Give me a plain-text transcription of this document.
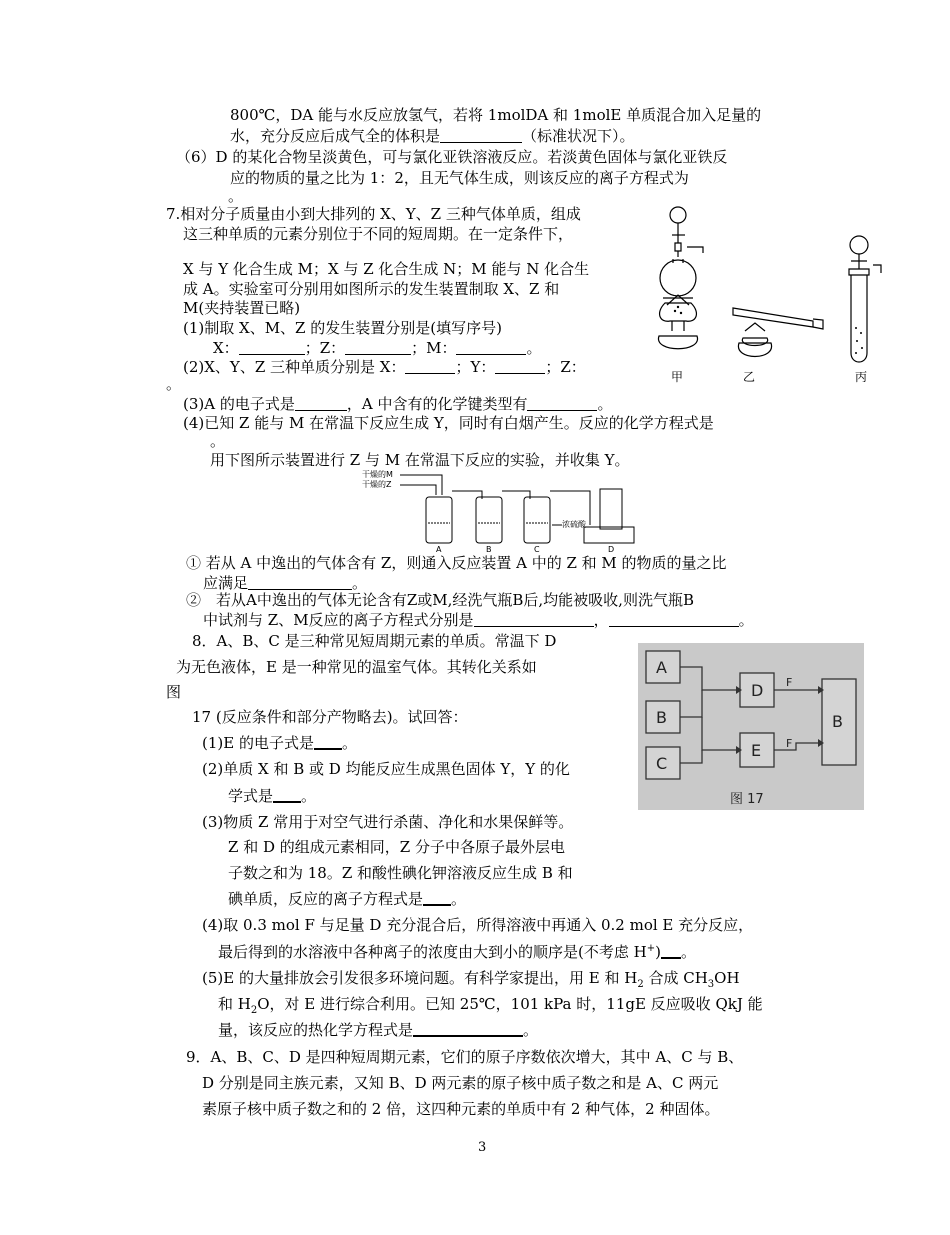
800℃，DA 能与水反应放氢气，若将 1molDA 和 1molE 单质混合加入足量的
水，充分反应后成气全的体积是	（标准状况下）。
（6）D 的某化合物呈淡黄色，可与氯化亚铁溶液反应。若淡黄色固体与氯化亚铁反
应的物质的量之比为 1：2，且无气体生成，则该反应的离子方程式为
。
7.相对分子质量由小到大排列的 X、Y、Z 三种气体单质，组成
这三种单质的元素分别位于不同的短周期。在一定条件下，
X 与 Y 化合生成 M；X 与 Z 化合生成 N；M 能与 N 化合生
成 A。实验室可分别用如图所示的发生装置制取 X、Z 和
M(夹持装置已略)
(1)制取 X、M、Z 的发生装置分别是(填写序号)
X：	；Z：	；M：	。
(2)X、Y、Z 三种单质分别是 X：	；Y：	；Z：
。
(3)A 的电子式是	，A 中含有的化学键类型有	。
(4)已知 Z 能与 M 在常温下反应生成 Y，同时有白烟产生。反应的化学方程式是
。
用下图所示装置进行 Z 与 M 在常温下反应的实验，并收集 Y。
甲	乙	丙
干燥的M
干燥的Z
浓硫酸
A	B	C	D
① 若从 A 中逸出的气体含有 Z，则通入反应装置 A 中的 Z 和 M 的物质的量之比
应满足	。
②　若从A中逸出的气体无论含有Z或M,经洗气瓶B后,均能被吸收,则洗气瓶B
中试剂与 Z、M反应的离子方程式分别是	，	。
8．A、B、C 是三种常见短周期元素的单质。常温下 D
为无色液体，E 是一种常见的温室气体。其转化关系如
图
17 (反应条件和部分产物略去)。试回答：
(1)E 的电子式是 。
(2)单质 X 和 B 或 D 均能反应生成黑色固体 Y，Y 的化
学式是 。
(3)物质 Z 常用于对空气进行杀菌、净化和水果保鲜等。
Z 和 D 的组成元素相同，Z 分子中各原子最外层电
子数之和为 18。Z 和酸性碘化钾溶液反应生成 B 和
碘单质，反应的离子方程式是 。
(4)取 0.3 mol F 与足量 D 充分混合后，所得溶液中再通入 0.2 mol E 充分反应，
最后得到的水溶液中各种离子的浓度由大到小的顺序是(不考虑 H+) 。
(5)E 的大量排放会引发很多环境问题。有科学家提出，用 E 和 $H_2$ 合成 $CH_3OH$
和 $H_2O$，对 E 进行综合利用。已知 25℃，101 kPa 时，11gE 反应吸收 QkJ 能
量，该反应的热化学方程式是	。
A
B
C
D
E
B
F
F
图 17
9．A、B、C、D 是四种短周期元素，它们的原子序数依次增大，其中 A、C 与 B、
D 分别是同主族元素，又知 B、D 两元素的原子核中质子数之和是 A、C 两元
素原子核中质子数之和的 2 倍，这四种元素的单质中有 2 种气体，2 种固体。
3
